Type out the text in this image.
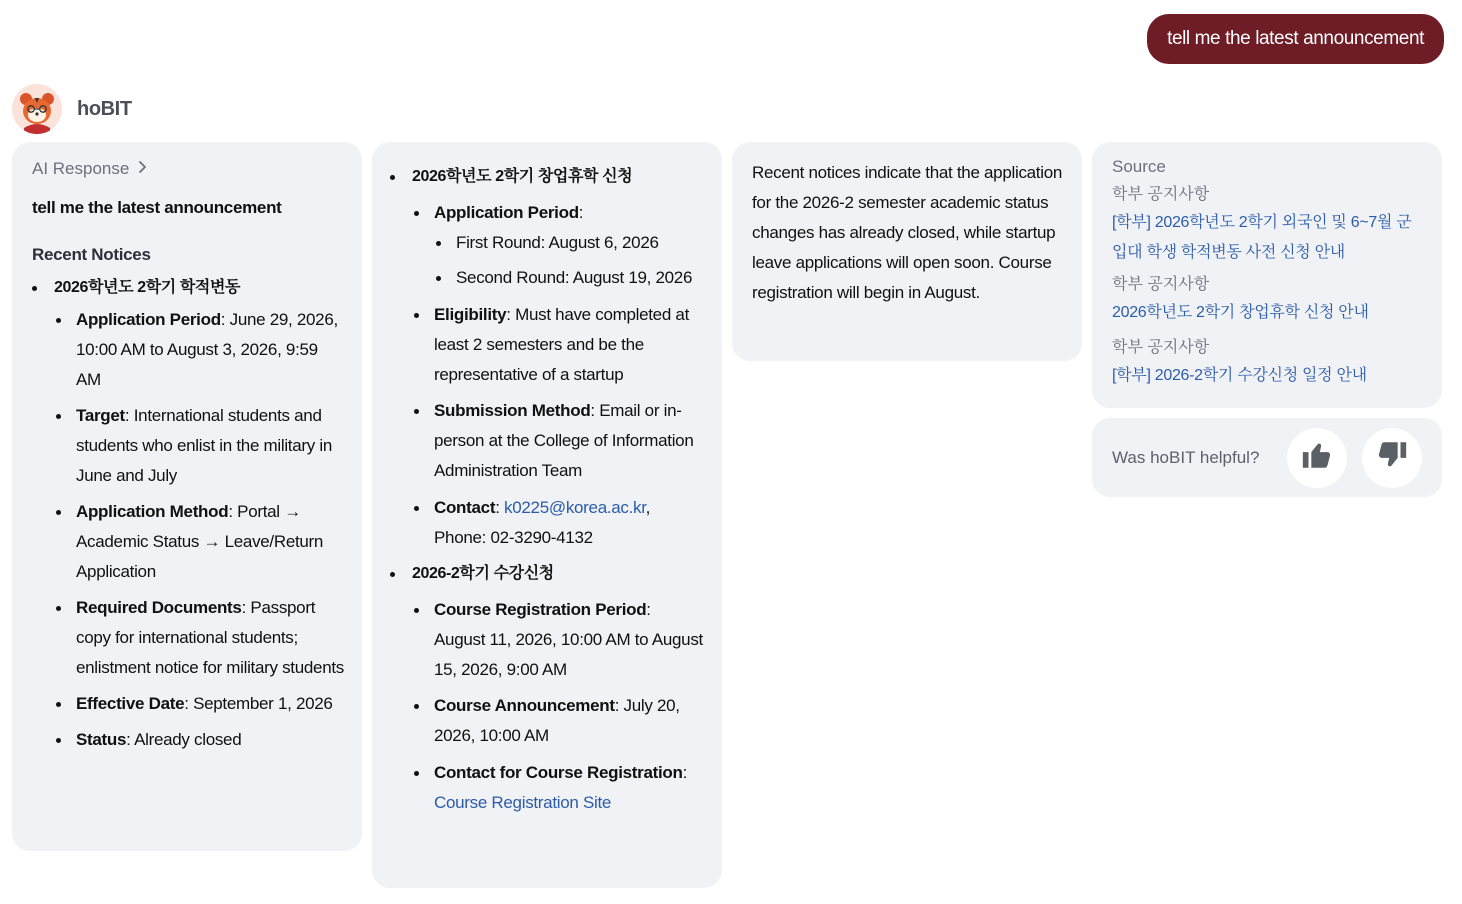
tell me the latest announcement
hoBIT
AI Response
tell me the latest announcement
Recent Notices
2026학년도 2학기 학적변동
Application Period: June 29, 2026, 10:00 AM to August 3, 2026, 9:59 AM
Target: International students and students who enlist in the military in June and July
Application Method: Portal → Academic Status → Leave/Return Application
Required Documents: Passport copy for international students; enlistment notice for military students
Effective Date: September 1, 2026
Status: Already closed
2026학년도 2학기 창업휴학 신청
Application Period:
First Round: August 6, 2026
Second Round: August 19, 2026
Eligibility: Must have completed at least 2 semesters and be the representative of a startup
Submission Method: Email or in-person at the College of Information Administration Team
Contact: k0225@korea.ac.kr, Phone: 02-3290-4132
2026-2학기 수강신청
Course Registration Period: August 11, 2026, 10:00 AM to August 15, 2026, 9:00 AM
Course Announcement: July 20, 2026, 10:00 AM
Contact for Course Registration:
Course Registration Site
Recent notices indicate that the application for the 2026-2 semester academic status changes has already closed, while startup leave applications will open soon. Course registration will begin in August.
Source
학부 공지사항
[학부] 2026학년도 2학기 외국인 및 6~7월 군입대 학생 학적변동 사전 신청 안내
학부 공지사항
2026학년도 2학기 창업휴학 신청 안내
학부 공지사항
[학부] 2026-2학기 수강신청 일정 안내
Was hoBIT helpful?
